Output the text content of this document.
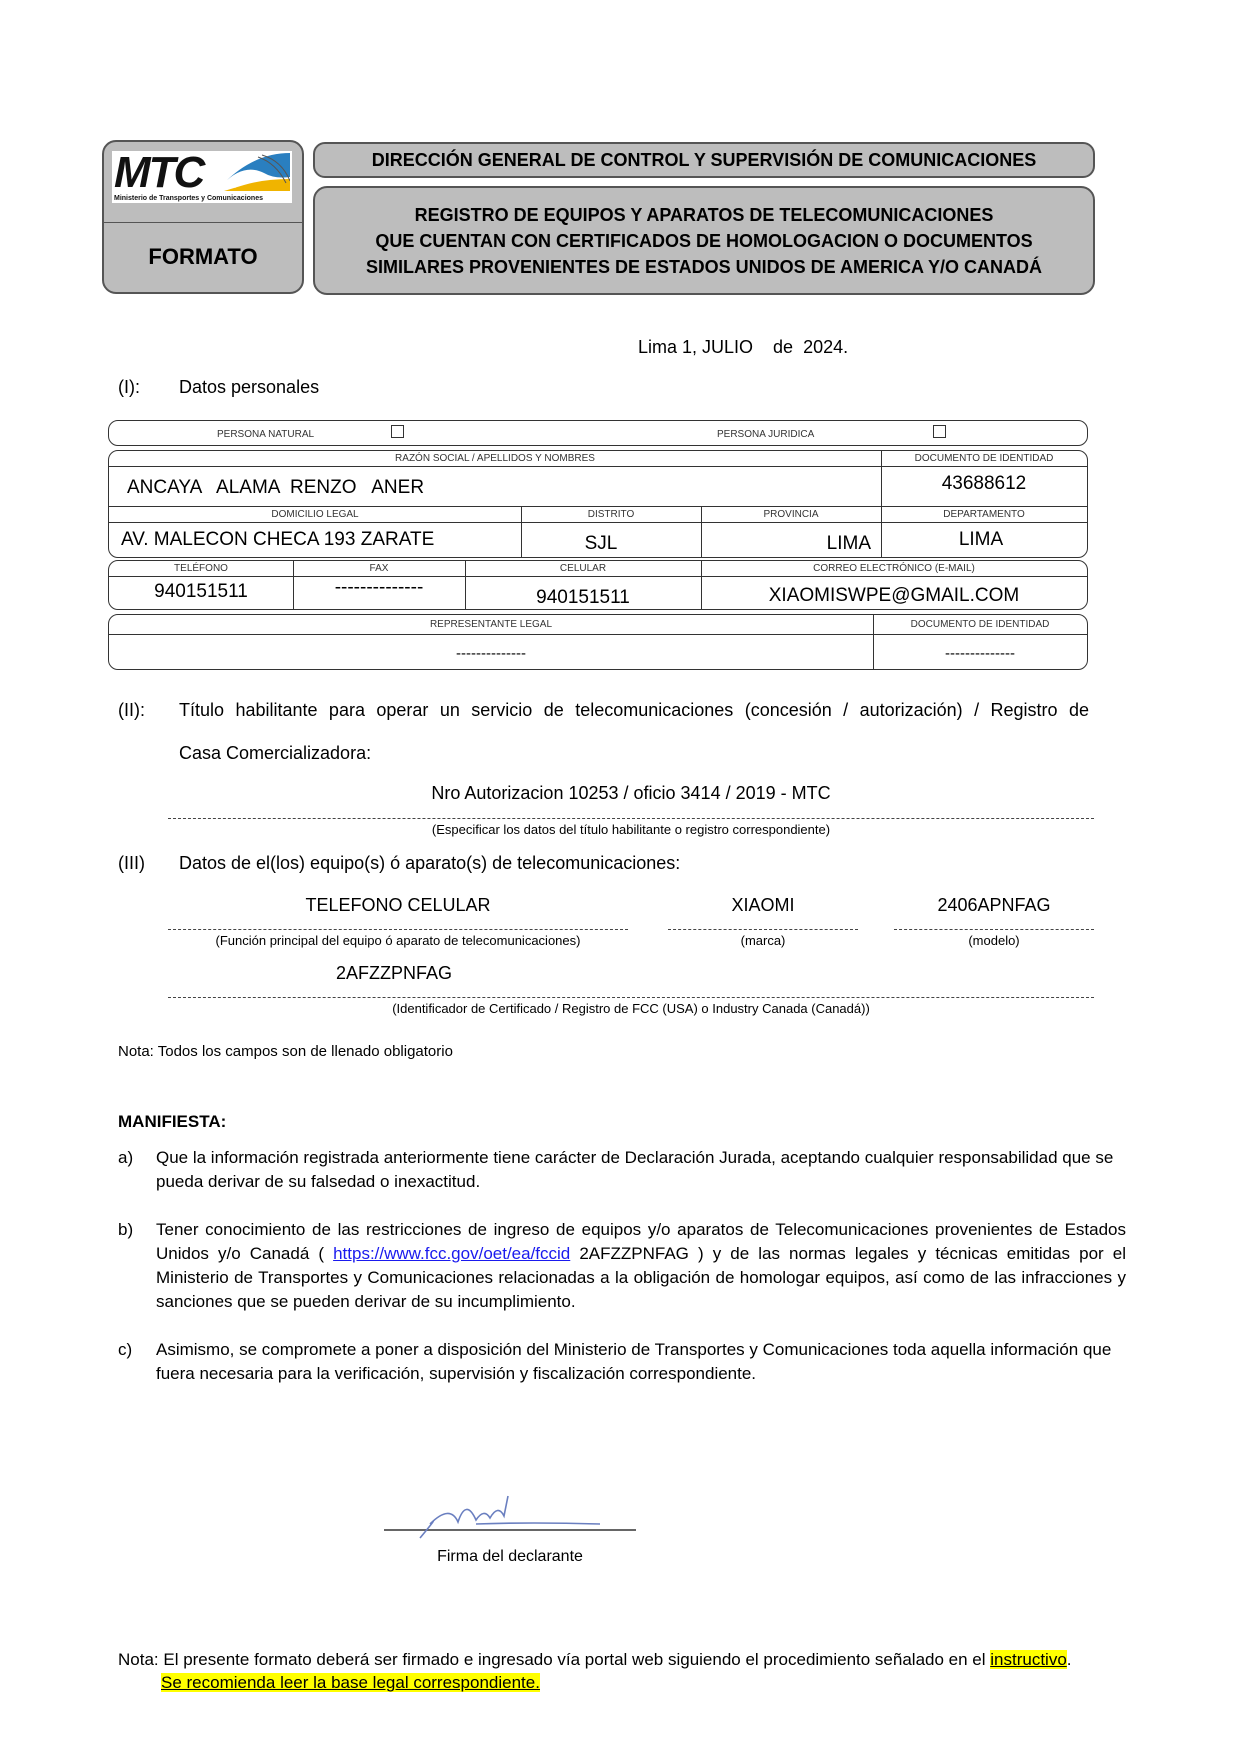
MTC
Ministerio de Transportes y Comunicaciones
FORMATO
DIRECCIÓN GENERAL DE CONTROL Y SUPERVISIÓN DE COMUNICACIONES
REGISTRO DE EQUIPOS Y APARATOS DE TELECOMUNICACIONES
QUE CUENTAN CON CERTIFICADOS DE HOMOLOGACION O DOCUMENTOS
SIMILARES PROVENIENTES DE ESTADOS UNIDOS DE AMERICA Y/O CANADÁ
Lima 1, JULIO    de  2024.
(I): Datos personales
PERSONA NATURAL	PERSONA JURIDICA
RAZÓN SOCIAL / APELLIDOS Y NOMBRES	DOCUMENTO DE IDENTIDAD
ANCAYA   ALAMA  RENZO   ANER	43688612
DOMICILIO LEGAL	DISTRITO	PROVINCIA	DEPARTAMENTO
AV. MALECON CHECA 193 ZARATE	SJL	LIMA	LIMA
TELÉFONO	FAX	CELULAR	CORREO ELECTRÓNICO (E-MAIL)
940151511	--------------	940151511	XIAOMISWPE@GMAIL.COM
REPRESENTANTE LEGAL	DOCUMENTO DE IDENTIDAD
--------------	--------------
(II): Título habilitante para operar un servicio de telecomunicaciones (concesión / autorización) / Registro de
Casa Comercializadora:
Nro Autorizacion 10253 / oficio 3414 / 2019 - MTC
(Especificar los datos del título habilitante o registro correspondiente)
(III) Datos de el(los) equipo(s) ó aparato(s) de telecomunicaciones:
TELEFONO CELULAR
(Función principal del equipo ó aparato de telecomunicaciones)
XIAOMI
(marca)
2406APNFAG
(modelo)
2AFZZPNFAG
(Identificador de Certificado / Registro de FCC (USA) o Industry Canada (Canadá))
Nota: Todos los campos son de llenado obligatorio
MANIFIESTA:
a) Que la información registrada anteriormente tiene carácter de Declaración Jurada, aceptando cualquier responsabilidad que se pueda derivar de su falsedad o inexactitud.
b) Tener conocimiento de las restricciones de ingreso de equipos y/o aparatos de Telecomunicaciones provenientes de Estados Unidos y/o Canadá ( https://www.fcc.gov/oet/ea/fccid 2AFZZPNFAG ) y de las normas legales y técnicas emitidas por el Ministerio de Transportes y Comunicaciones relacionadas a la obligación de homologar equipos, así como de las infracciones y sanciones que se pueden derivar de su incumplimiento.
c) Asimismo, se compromete a poner a disposición del Ministerio de Transportes y Comunicaciones toda aquella información que fuera necesaria para la verificación, supervisión y fiscalización correspondiente.
Firma del declarante
Nota: El presente formato deberá ser firmado e ingresado vía portal web siguiendo el procedimiento señalado en el instructivo.
Se recomienda leer la base legal correspondiente.
